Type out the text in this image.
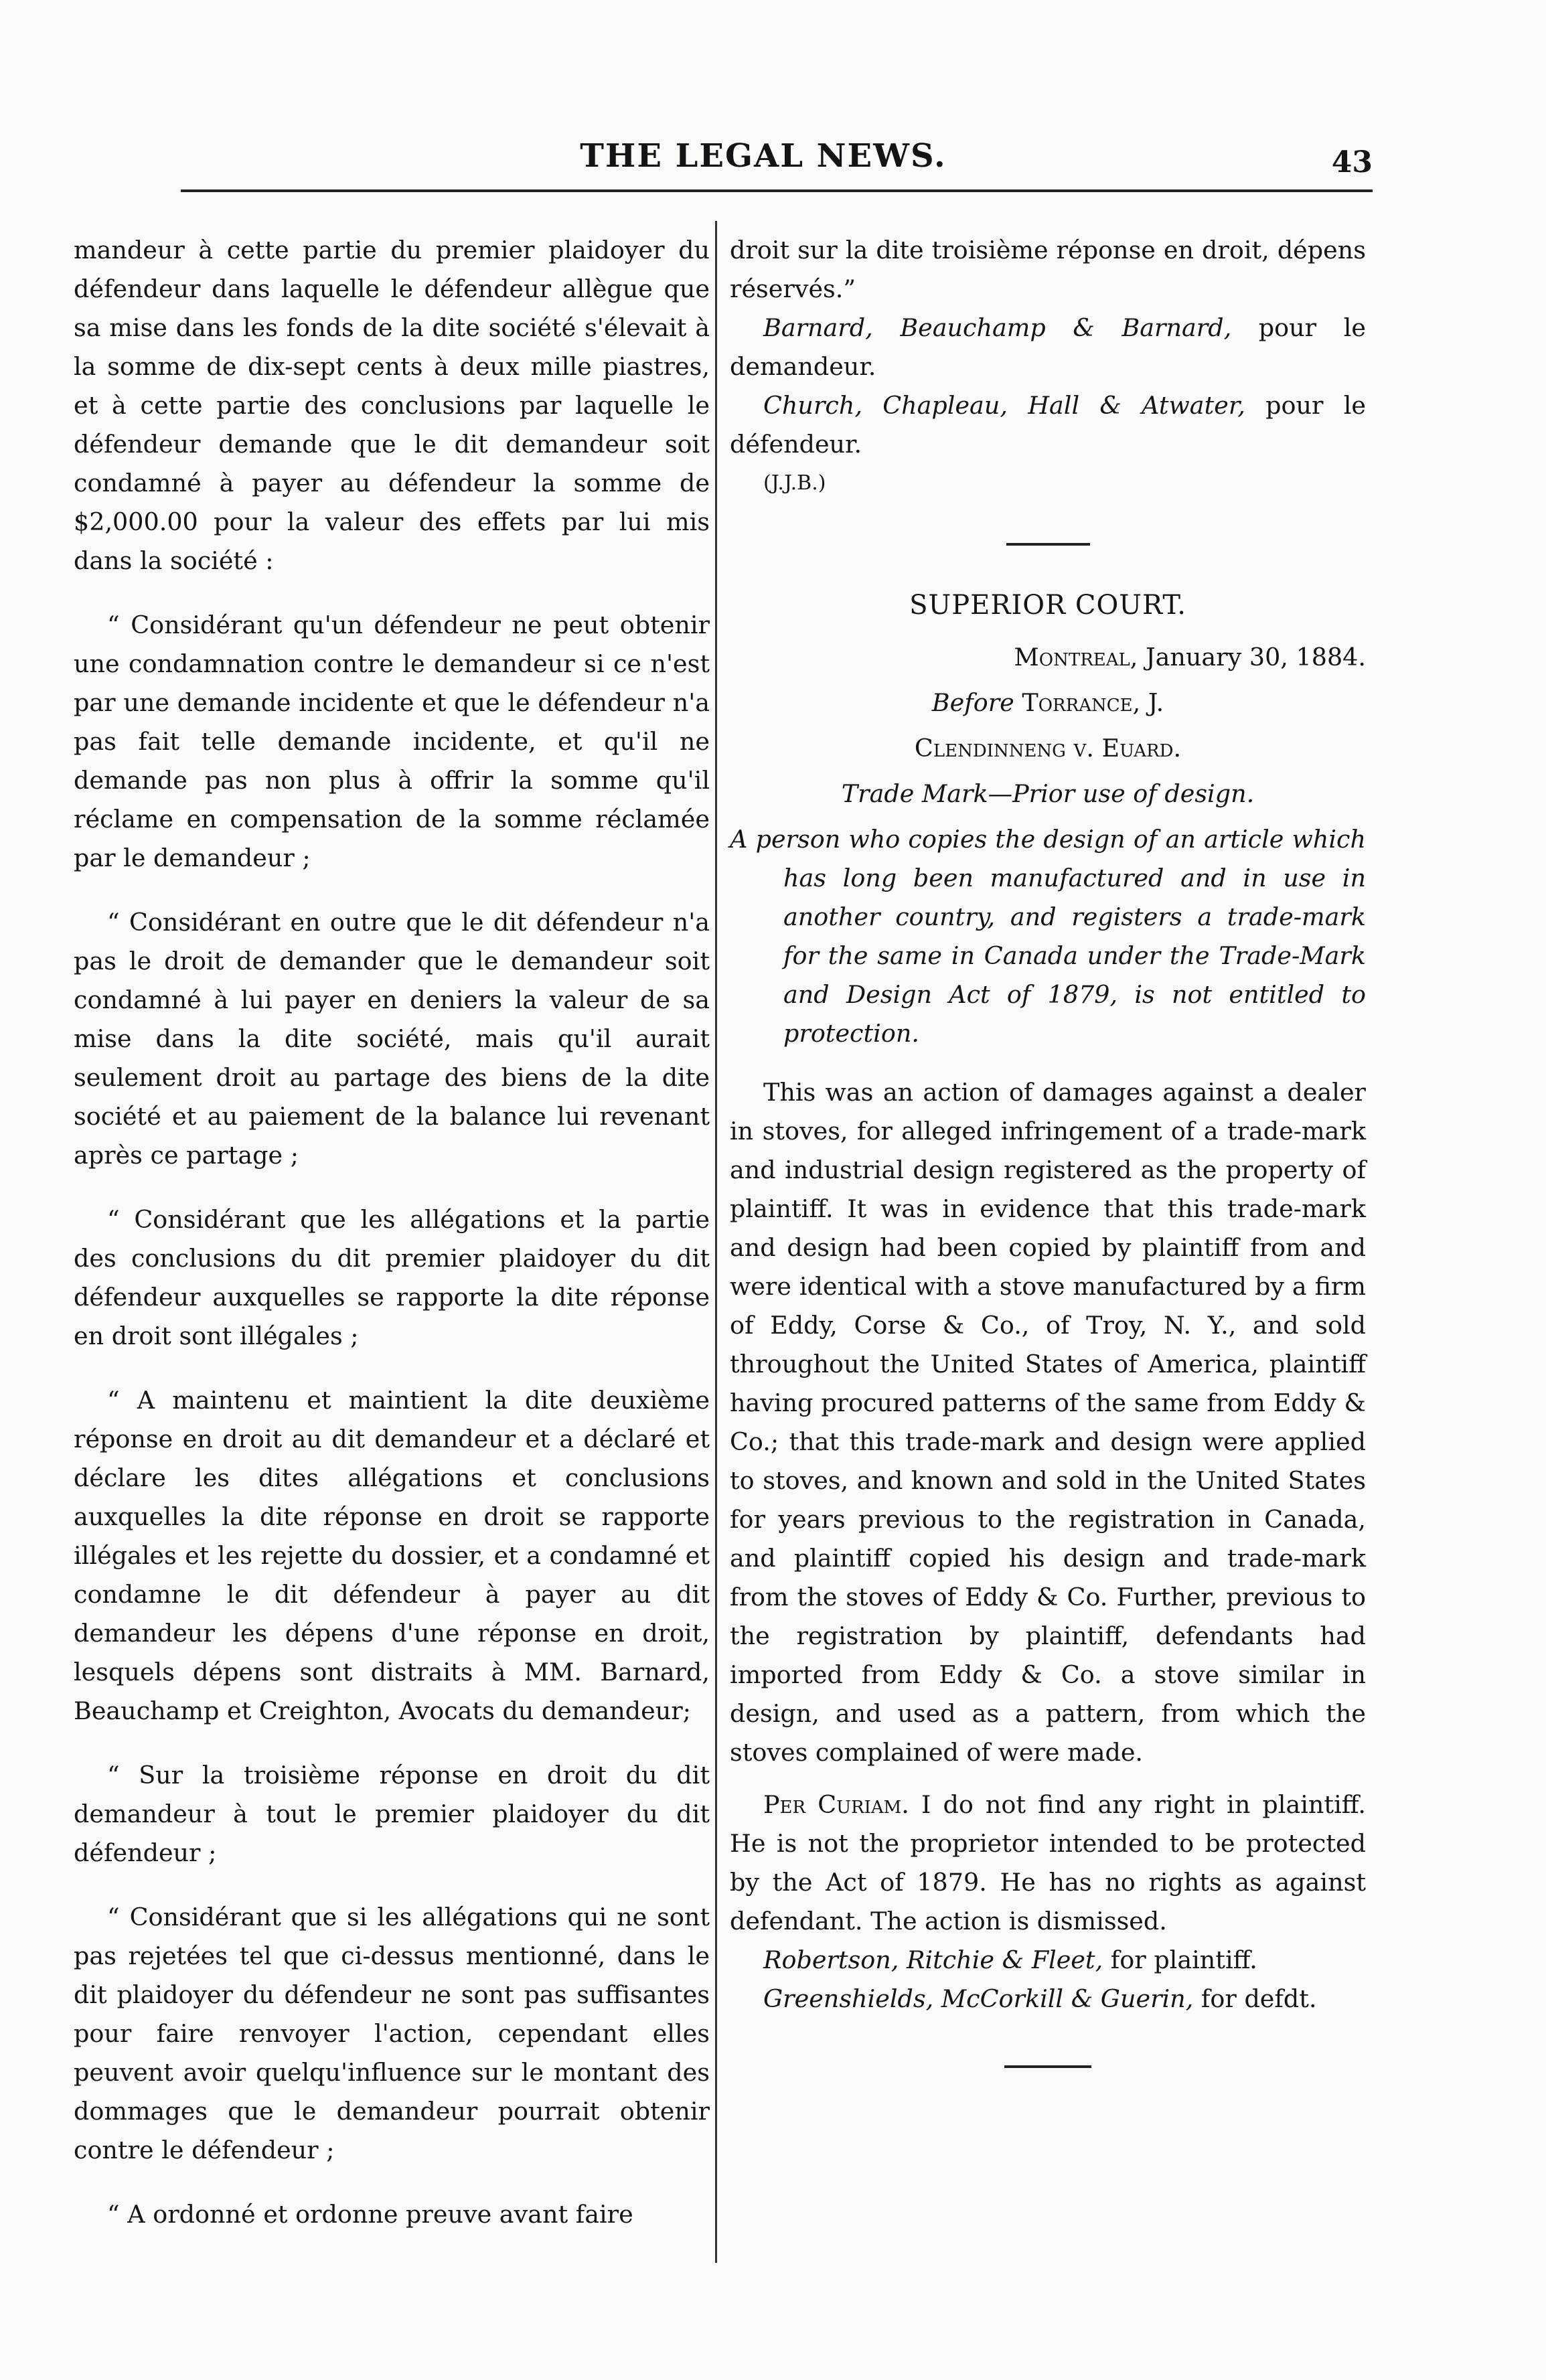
THE LEGAL NEWS.	43

mandeur à cette partie du premier plaidoyer du défendeur dans laquelle le défendeur allègue que sa mise dans les fonds de la dite société s'élevait à la somme de dix-sept cents à deux mille piastres, et à cette partie des conclusions par laquelle le défendeur demande que le dit demandeur soit condamné à payer au défendeur la somme de $2,000.00 pour la valeur des effets par lui mis dans la société :

“ Considérant qu'un défendeur ne peut obtenir une condamnation contre le demandeur si ce n'est par une demande incidente et que le défendeur n'a pas fait telle demande incidente, et qu'il ne demande pas non plus à offrir la somme qu'il réclame en compensation de la somme réclamée par le demandeur ;

“ Considérant en outre que le dit défendeur n'a pas le droit de demander que le demandeur soit condamné à lui payer en deniers la valeur de sa mise dans la dite société, mais qu'il aurait seulement droit au partage des biens de la dite société et au paiement de la balance lui revenant après ce partage ;

“ Considérant que les allégations et la partie des conclusions du dit premier plaidoyer du dit défendeur auxquelles se rapporte la dite réponse en droit sont illégales ;

“ A maintenu et maintient la dite deuxième réponse en droit au dit demandeur et a déclaré et déclare les dites allégations et conclusions auxquelles la dite réponse en droit se rapporte illégales et les rejette du dossier, et a condamné et condamne le dit défendeur à payer au dit demandeur les dépens d'une réponse en droit, lesquels dépens sont distraits à MM. Barnard, Beauchamp et Creighton, Avocats du demandeur;

“ Sur la troisième réponse en droit du dit demandeur à tout le premier plaidoyer du dit défendeur ;

“ Considérant que si les allégations qui ne sont pas rejetées tel que ci-dessus mentionné, dans le dit plaidoyer du défendeur ne sont pas suffisantes pour faire renvoyer l'action, cependant elles peuvent avoir quelqu'influence sur le montant des dommages que le demandeur pourrait obtenir contre le défendeur ;

“ A ordonné et ordonne preuve avant faire

droit sur la dite troisième réponse en droit, dépens réservés.”

Barnard, Beauchamp & Barnard, pour le demandeur.

Church, Chapleau, Hall & Atwater, pour le défendeur.

(J.J.B.)

SUPERIOR COURT.

Montreal, January 30, 1884.

Before Torrance, J.

Clendinneng v. Euard.

Trade Mark—Prior use of design.

A person who copies the design of an article which has long been manufactured and in use in another country, and registers a trade-mark for the same in Canada under the Trade-Mark and Design Act of 1879, is not entitled to protection.

This was an action of damages against a dealer in stoves, for alleged infringement of a trade-mark and industrial design registered as the property of plaintiff. It was in evidence that this trade-mark and design had been copied by plaintiff from and were identical with a stove manufactured by a firm of Eddy, Corse & Co., of Troy, N. Y., and sold throughout the United States of America, plaintiff having procured patterns of the same from Eddy & Co.; that this trade-mark and design were applied to stoves, and known and sold in the United States for years previous to the registration in Canada, and plaintiff copied his design and trade-mark from the stoves of Eddy & Co. Further, previous to the registration by plaintiff, defendants had imported from Eddy & Co. a stove similar in design, and used as a pattern, from which the stoves complained of were made.

Per Curiam. I do not find any right in plaintiff. He is not the proprietor intended to be protected by the Act of 1879. He has no rights as against defendant. The action is dismissed.

Robertson, Ritchie & Fleet, for plaintiff.

Greenshields, McCorkill & Guerin, for defdt.
